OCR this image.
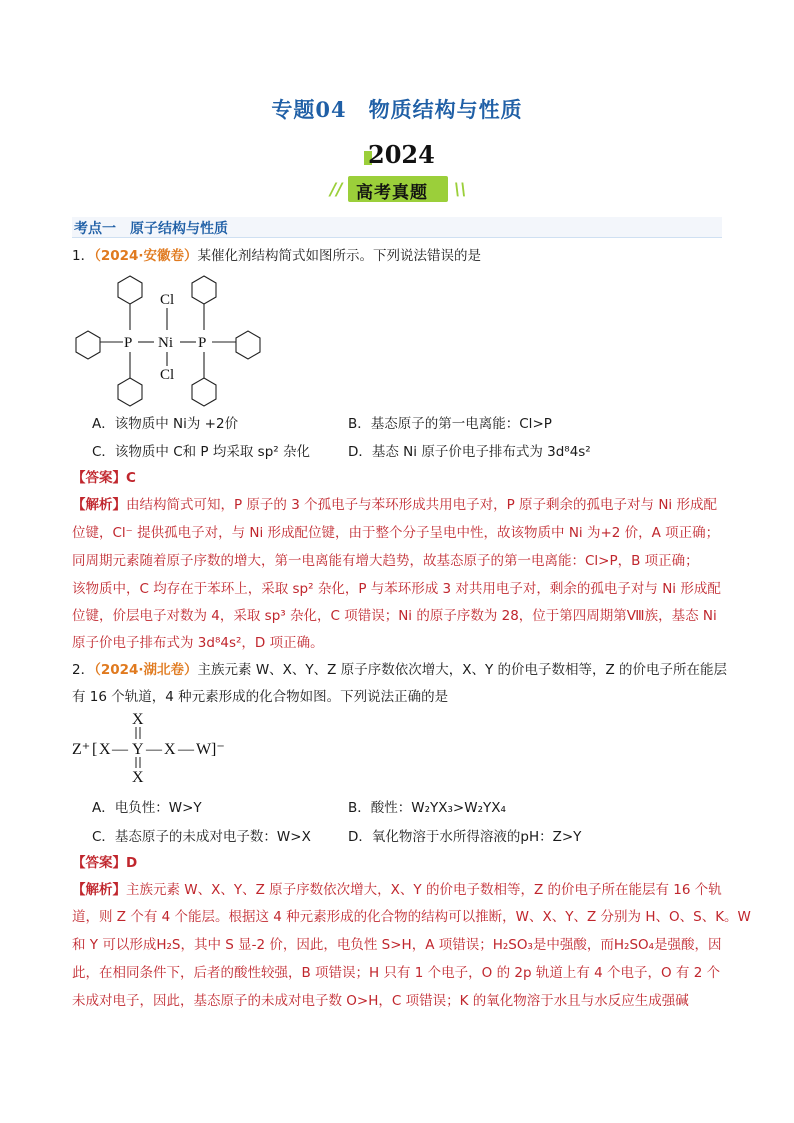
专题04　物质结构与性质
2024
// 高考真题 \\
考点一　原子结构与性质
1．（2024·安徽卷）某催化剂结构简式如图所示。下列说法错误的是
P Ni P
Cl
Cl
A．该物质中 Ni为 +2价	B．基态原子的第一电离能：Cl>P
C．该物质中 C和 P 均采取 sp² 杂化	D．基态 Ni 原子价电子排布式为 3d⁸4s²
【答案】C
【解析】由结构简式可知，P 原子的 3 个孤电子与苯环形成共用电子对，P 原子剩余的孤电子对与 Ni 形成配
位键，Cl⁻ 提供孤电子对，与 Ni 形成配位键，由于整个分子呈电中性，故该物质中 Ni 为+2 价，A 项正确；
同周期元素随着原子序数的增大，第一电离能有增大趋势，故基态原子的第一电离能：Cl>P，B 项正确；
该物质中，C 均存在于苯环上，采取 sp² 杂化，P 与苯环形成 3 对共用电子对，剩余的孤电子对与 Ni 形成配
位键，价层电子对数为 4，采取 sp³ 杂化，C 项错误；Ni 的原子序数为 28，位于第四周期第Ⅷ族，基态 Ni
原子价电子排布式为 3d⁸4s²，D 项正确。
2．（2024·湖北卷）主族元素 W、X、Y、Z 原子序数依次增大，X、Y 的价电子数相等，Z 的价电子所在能层
有 16 个轨道，4 种元素形成的化合物如图。下列说法正确的是
Z⁺ [ X — Y — X — W ]⁻
X
X
A．电负性：W>Y	B．酸性：W₂YX₃>W₂YX₄
C．基态原子的未成对电子数：W>X	D．氧化物溶于水所得溶液的pH：Z>Y
【答案】D
【解析】主族元素 W、X、Y、Z 原子序数依次增大，X、Y 的价电子数相等，Z 的价电子所在能层有 16 个轨
道，则 Z 个有 4 个能层。根据这 4 种元素形成的化合物的结构可以推断，W、X、Y、Z 分别为 H、O、S、K。W
和 Y 可以形成H₂S，其中 S 显-2 价，因此，电负性 S>H，A 项错误；H₂SO₃是中强酸，而H₂SO₄是强酸，因
此，在相同条件下，后者的酸性较强，B 项错误；H 只有 1 个电子，O 的 2p 轨道上有 4 个电子，O 有 2 个
未成对电子，因此，基态原子的未成对电子数 O>H，C 项错误；K 的氧化物溶于水且与水反应生成强碱
